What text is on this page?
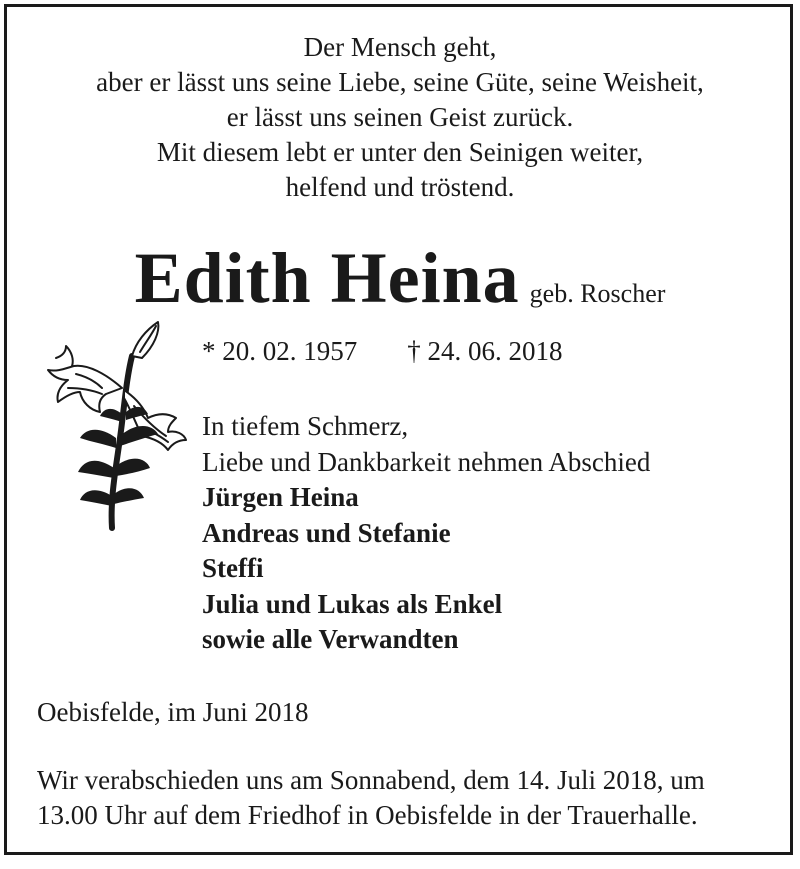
Der Mensch geht,
aber er lässt uns seine Liebe, seine Güte, seine Weisheit,
er lässt uns seinen Geist zurück.
Mit diesem lebt er unter den Seinigen weiter,
helfend und tröstend.
Edith Heina geb. Roscher
* 20. 02. 1957 † 24. 06. 2018
In tiefem Schmerz,
Liebe und Dankbarkeit nehmen Abschied
Jürgen Heina
Andreas und Stefanie
Steffi
Julia und Lukas als Enkel
sowie alle Verwandten
Oebisfelde, im Juni 2018
Wir verabschieden uns am Sonnabend, dem 14. Juli 2018, um
13.00 Uhr auf dem Friedhof in Oebisfelde in der Trauerhalle.
